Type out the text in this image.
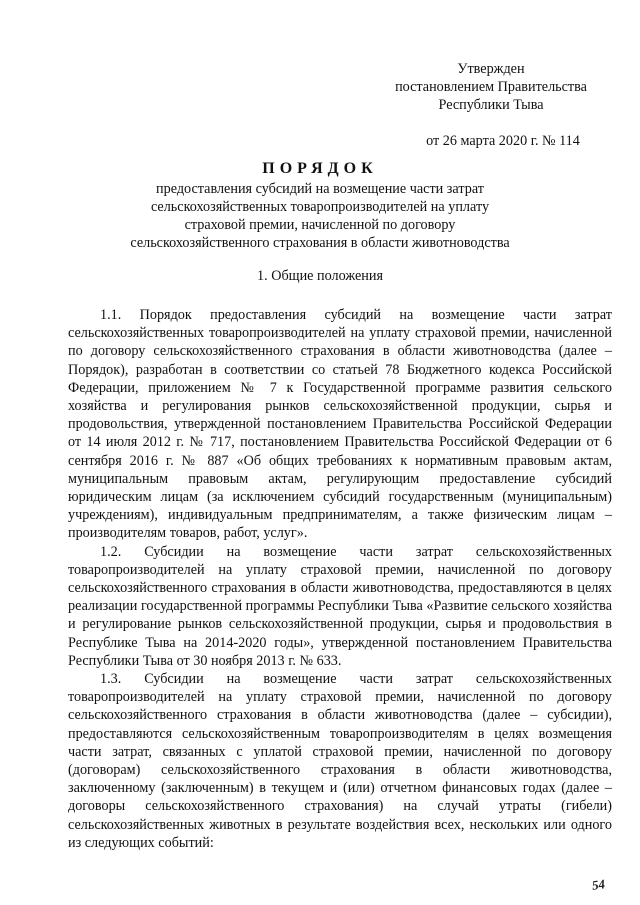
Утвержден
постановлением Правительства
Республики Тыва
от 26 марта 2020 г. № 114
ПОРЯДОК
предоставления субсидий на возмещение части затрат
сельскохозяйственных товаропроизводителей на уплату
страховой премии, начисленной по договору
сельскохозяйственного страхования в области животноводства
1. Общие положения

1.1. Порядок предоставления субсидий на возмещение части затрат сельскохозяйственных товаропроизводителей на уплату страховой премии, начисленной по договору сельскохозяйственного страхования в области животноводства (далее – Порядок), разработан в соответствии со статьей 78 Бюджетного кодекса Российской Федерации, приложением № 7 к Государственной программе развития сельского хозяйства и регулирования рынков сельскохозяйственной продукции, сырья и продовольствия, утвержденной постановлением Правительства Российской Федерации от 14 июля 2012 г. № 717, постановлением Правительства Российской Федерации от 6 сентября 2016 г. № 887 «Об общих требованиях к нормативным правовым актам, муниципальным правовым актам, регулирующим предоставление субсидий юридическим лицам (за исключением субсидий государственным (муниципальным) учреждениям), индивидуальным предпринимателям, а также физическим лицам – производителям товаров, работ, услуг».

1.2. Субсидии на возмещение части затрат сельскохозяйственных товаропроизводителей на уплату страховой премии, начисленной по договору сельскохозяйственного страхования в области животноводства, предоставляются в целях реализации государственной программы Республики Тыва «Развитие сельского хозяйства и регулирование рынков сельскохозяйственной продукции, сырья и продовольствия в Республике Тыва на 2014-2020 годы», утвержденной постановлением Правительства Республики Тыва от 30 ноября 2013 г. № 633.

1.3. Субсидии на возмещение части затрат сельскохозяйственных товаропроизводителей на уплату страховой премии, начисленной по договору сельскохозяйственного страхования в области животноводства (далее – субсидии), предоставляются сельскохозяйственным товаропроизводителям в целях возмещения части затрат, связанных с уплатой страховой премии, начисленной по договору (договорам) сельскохозяйственного страхования в области животноводства, заключенному (заключенным) в текущем и (или) отчетном финансовых годах (далее – договоры сельскохозяйственного страхования) на случай утраты (гибели) сельскохозяйственных животных в результате воздействия всех, нескольких или одного из следующих событий:

54
